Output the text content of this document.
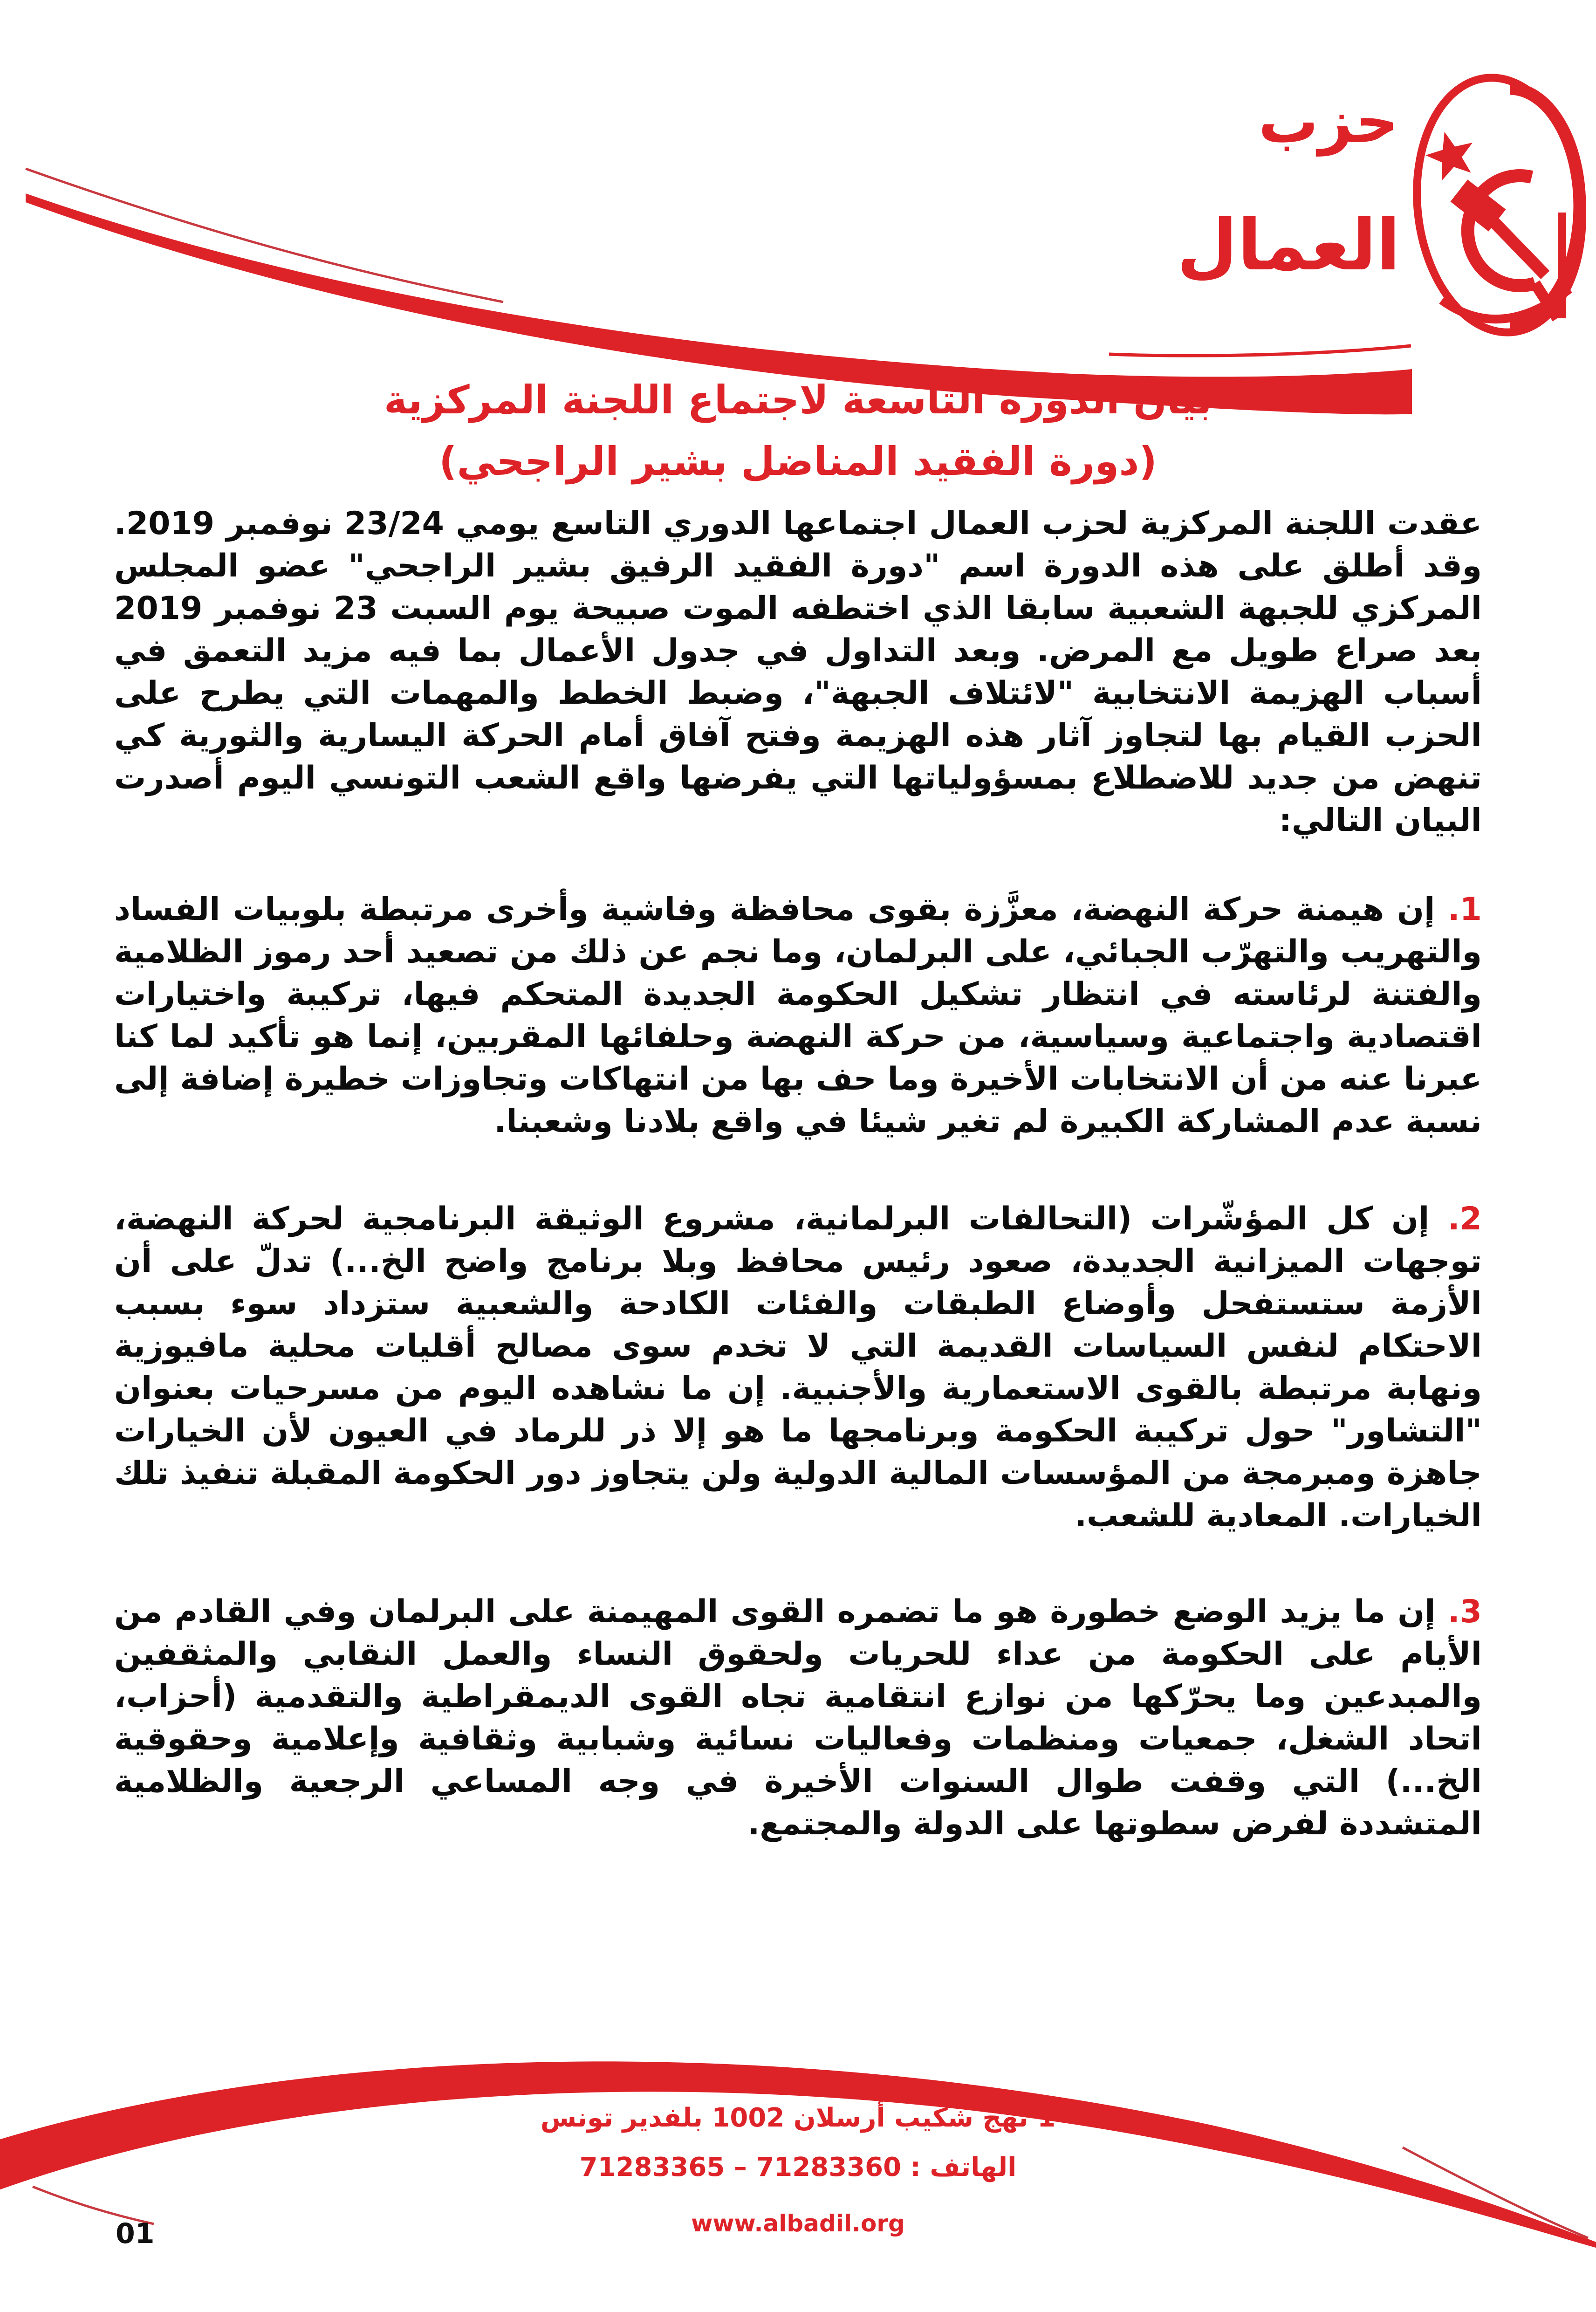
حزب
العمال
بيان الدورة التاسعة لاجتماع اللجنة المركزية
(دورة الفقيد المناضل بشير الراجحي)

عقدت اللجنة المركزية لحزب العمال اجتماعها الدوري التاسع يومي 23/24 نوفمبر 2019. وقد أطلق على هذه الدورة اسم "دورة الفقيد الرفيق بشير الراجحي" عضو المجلس المركزي للجبهة الشعبية سابقا الذي اختطفه الموت صبيحة يوم السبت 23 نوفمبر 2019 بعد صراع طويل مع المرض. وبعد التداول في جدول الأعمال بما فيه مزيد التعمق في أسباب الهزيمة الانتخابية "لائتلاف الجبهة"، وضبط الخطط والمهمات التي يطرح على الحزب القيام بها لتجاوز آثار هذه الهزيمة وفتح آفاق أمام الحركة اليسارية والثورية كي تنهض من جديد للاضطلاع بمسؤولياتها التي يفرضها واقع الشعب التونسي اليوم أصدرت البيان التالي:

1. إن هيمنة حركة النهضة، معزَّزة بقوى محافظة وفاشية وأخرى مرتبطة بلوبيات الفساد والتهريب والتهرّب الجبائي، على البرلمان، وما نجم عن ذلك من تصعيد أحد رموز الظلامية والفتنة لرئاسته في انتظار تشكيل الحكومة الجديدة المتحكم فيها، تركيبة واختيارات اقتصادية واجتماعية وسياسية، من حركة النهضة وحلفائها المقربين، إنما هو تأكيد لما كنا عبرنا عنه من أن الانتخابات الأخيرة وما حف بها من انتهاكات وتجاوزات خطيرة إضافة إلى نسبة عدم المشاركة الكبيرة لم تغير شيئا في واقع بلادنا وشعبنا.

2. إن كل المؤشّرات (التحالفات البرلمانية، مشروع الوثيقة البرنامجية لحركة النهضة، توجهات الميزانية الجديدة، صعود رئيس محافظ وبلا برنامج واضح الخ...) تدلّ على أن الأزمة ستستفحل وأوضاع الطبقات والفئات الكادحة والشعبية ستزداد سوء بسبب الاحتكام لنفس السياسات القديمة التي لا تخدم سوى مصالح أقليات محلية مافيوزية ونهابة مرتبطة بالقوى الاستعمارية والأجنبية. إن ما نشاهده اليوم من مسرحيات بعنوان "التشاور" حول تركيبة الحكومة وبرنامجها ما هو إلا ذر للرماد في العيون لأن الخيارات جاهزة ومبرمجة من المؤسسات المالية الدولية ولن يتجاوز دور الحكومة المقبلة تنفيذ تلك الخيارات. المعادية للشعب.

3. إن ما يزيد الوضع خطورة هو ما تضمره القوى المهيمنة على البرلمان وفي القادم من الأيام على الحكومة من عداء للحريات ولحقوق النساء والعمل النقابي والمثقفين والمبدعين وما يحرّكها من نوازع انتقامية تجاه القوى الديمقراطية والتقدمية (أحزاب، اتحاد الشغل، جمعيات ومنظمات وفعاليات نسائية وشبابية وثقافية وإعلامية وحقوقية الخ...) التي وقفت طوال السنوات الأخيرة في وجه المساعي الرجعية والظلامية المتشددة لفرض سطوتها على الدولة والمجتمع.

1 نهج شكيب أرسلان 1002 بلفدير تونس
الهاتف : 71283360 – 71283365
www.albadil.org
01
